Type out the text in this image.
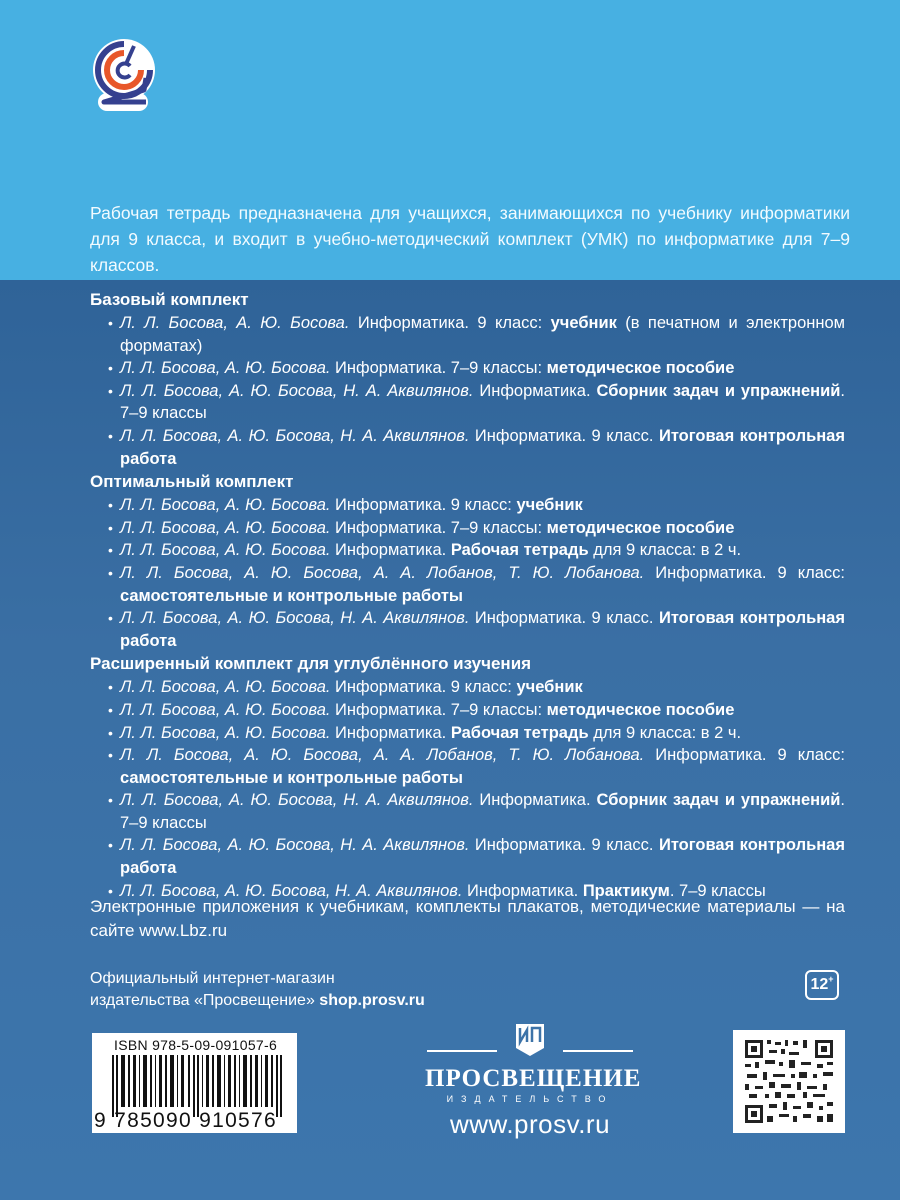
Рабочая тетрадь предназначена для учащихся, занимающихся по учебнику информатики для 9 класса, и входит в учебно-методический комплект (УМК) по информатике для 7–9 классов.

Базовый комплект

• Л. Л. Босова, А. Ю. Босова. Информатика. 9 класс: учебник (в печатном и электронном форматах)
• Л. Л. Босова, А. Ю. Босова. Информатика. 7–9 классы: методическое пособие
• Л. Л. Босова, А. Ю. Босова, Н. А. Аквилянов. Информатика. Сборник задач и упражнений. 7–9 классы
• Л. Л. Босова, А. Ю. Босова, Н. А. Аквилянов. Информатика. 9 класс. Итоговая контрольная работа

Оптимальный комплект

• Л. Л. Босова, А. Ю. Босова. Информатика. 9 класс: учебник
• Л. Л. Босова, А. Ю. Босова. Информатика. 7–9 классы: методическое пособие
• Л. Л. Босова, А. Ю. Босова. Информатика. Рабочая тетрадь для 9 класса: в 2 ч.
• Л. Л. Босова, А. Ю. Босова, А. А. Лобанов, Т. Ю. Лобанова. Информатика. 9 класс: самостоятельные и контрольные работы
• Л. Л. Босова, А. Ю. Босова, Н. А. Аквилянов. Информатика. 9 класс. Итоговая контрольная работа

Расширенный комплект для углублённого изучения

• Л. Л. Босова, А. Ю. Босова. Информатика. 9 класс: учебник
• Л. Л. Босова, А. Ю. Босова. Информатика. 7–9 классы: методическое пособие
• Л. Л. Босова, А. Ю. Босова. Информатика. Рабочая тетрадь для 9 класса: в 2 ч.
• Л. Л. Босова, А. Ю. Босова, А. А. Лобанов, Т. Ю. Лобанова. Информатика. 9 класс: самостоятельные и контрольные работы
• Л. Л. Босова, А. Ю. Босова, Н. А. Аквилянов. Информатика. Сборник задач и упражнений. 7–9 классы
• Л. Л. Босова, А. Ю. Босова, Н. А. Аквилянов. Информатика. 9 класс. Итоговая контрольная работа
• Л. Л. Босова, А. Ю. Босова, Н. А. Аквилянов. Информатика. Практикум. 7–9 классы
Электронные приложения к учебникам, комплекты плакатов, методические материалы — на сайте www.Lbz.ru
Официальный интернет-магазин
издательства «Просвещение» shop.prosv.ru
12+
ISBN 978-5-09-091057-6
9 785090 910576
ПРОСВЕЩЕНИЕ
ИЗДАТЕЛЬСТВО
www.prosv.ru
